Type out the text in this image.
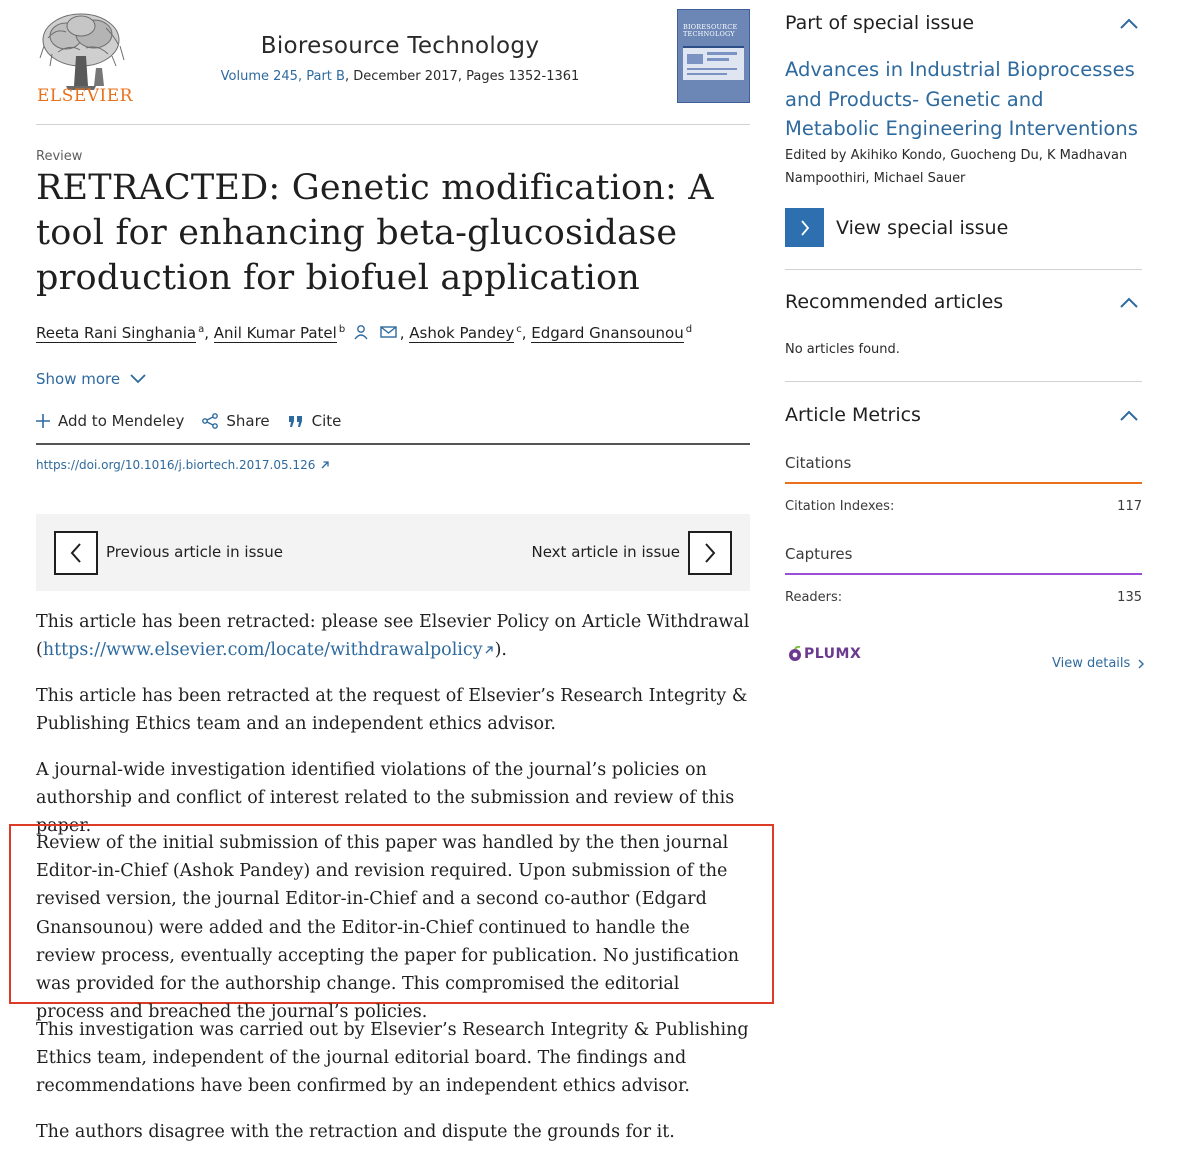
ELSEVIER
Bioresource Technology
Volume 245, Part B, December 2017, Pages 1352-1361
BIORESOURCE TECHNOLOGY
Review
RETRACTED: Genetic modification: A tool for enhancing beta-glucosidase production for biofuel application
Reeta Rani Singhania $^a$, Anil Kumar Patel $^b$	, Ashok Pandey $^c$, Edgard Gnansounou $^d$
Show more
Add to Mendeley	Share	Cite
https://doi.org/10.1016/j.biortech.2017.05.126
Previous article in issue	Next article in issue

This article has been retracted: please see Elsevier Policy on Article Withdrawal (https://www.elsevier.com/locate/withdrawalpolicy ).

This article has been retracted at the request of Elsevier’s Research Integrity & Publishing Ethics team and an independent ethics advisor.

A journal-wide investigation identified violations of the journal’s policies on authorship and conflict of interest related to the submission and review of this paper.

Review of the initial submission of this paper was handled by the then journal Editor-in-Chief (Ashok Pandey) and revision required. Upon submission of the revised version, the journal Editor-in-Chief and a second co-author (Edgard Gnansounou) were added and the Editor-in-Chief continued to handle the review process, eventually accepting the paper for publication. No justification was provided for the authorship change. This compromised the editorial process and breached the journal’s policies.

This investigation was carried out by Elsevier’s Research Integrity & Publishing Ethics team, independent of the journal editorial board. The findings and recommendations have been confirmed by an independent ethics advisor.

The authors disagree with the retraction and dispute the grounds for it.

Part of special issue
Advances in Industrial Bioprocesses and Products- Genetic and Metabolic Engineering Interventions
Edited by Akihiko Kondo, Guocheng Du, K Madhavan Nampoothiri, Michael Sauer
View special issue
Recommended articles
No articles found.
Article Metrics
Citations
Citation Indexes:	117
Captures
Readers:	135
PLUMX
View details
